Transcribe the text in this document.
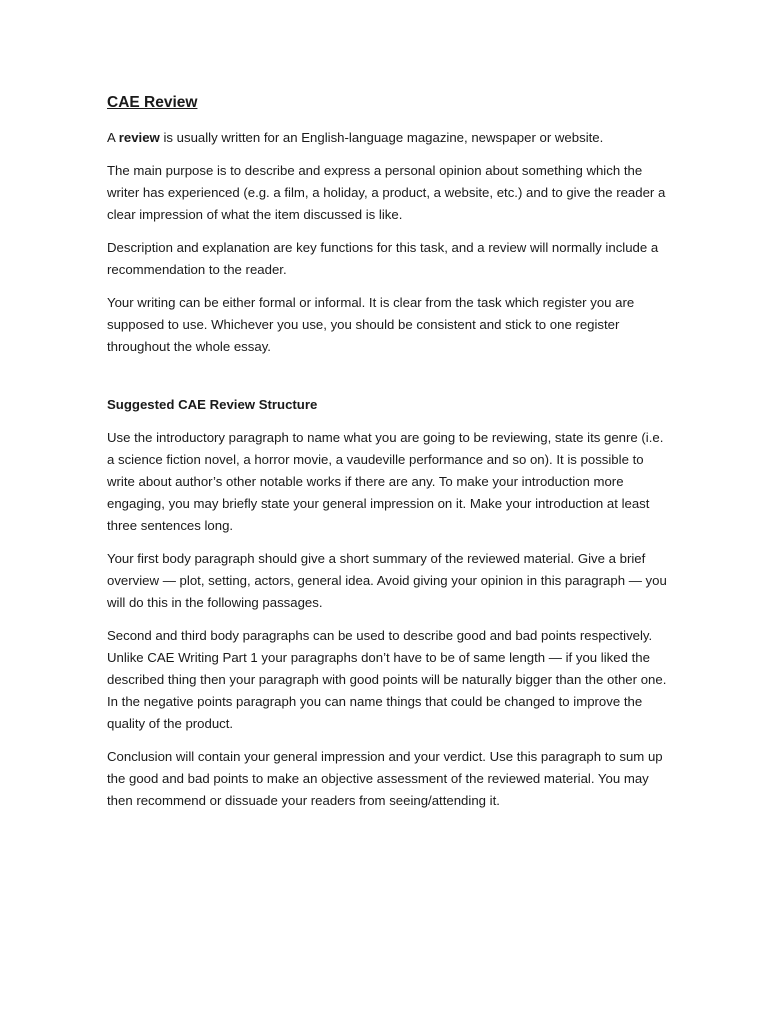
CAE Review

A review is usually written for an English-language magazine, newspaper or website.

The main purpose is to describe and express a personal opinion about something which the writer has experienced (e.g. a film, a holiday, a product, a website, etc.) and to give the reader a clear impression of what the item discussed is like.

Description and explanation are key functions for this task, and a review will normally include a recommendation to the reader.

Your writing can be either formal or informal. It is clear from the task which register you are supposed to use. Whichever you use, you should be consistent and stick to one register throughout the whole essay.

Suggested CAE Review Structure

Use the introductory paragraph to name what you are going to be reviewing, state its genre (i.e. a science fiction novel, a horror movie, a vaudeville performance and so on). It is possible to write about author’s other notable works if there are any. To make your introduction more engaging, you may briefly state your general impression on it. Make your introduction at least three sentences long.

Your first body paragraph should give a short summary of the reviewed material. Give a brief overview — plot, setting, actors, general idea. Avoid giving your opinion in this paragraph — you will do this in the following passages.

Second and third body paragraphs can be used to describe good and bad points respectively. Unlike CAE Writing Part 1 your paragraphs don’t have to be of same length — if you liked the described thing then your paragraph with good points will be naturally bigger than the other one. In the negative points paragraph you can name things that could be changed to improve the quality of the product.

Conclusion will contain your general impression and your verdict. Use this paragraph to sum up the good and bad points to make an objective assessment of the reviewed material. You may then recommend or dissuade your readers from seeing/attending it.
